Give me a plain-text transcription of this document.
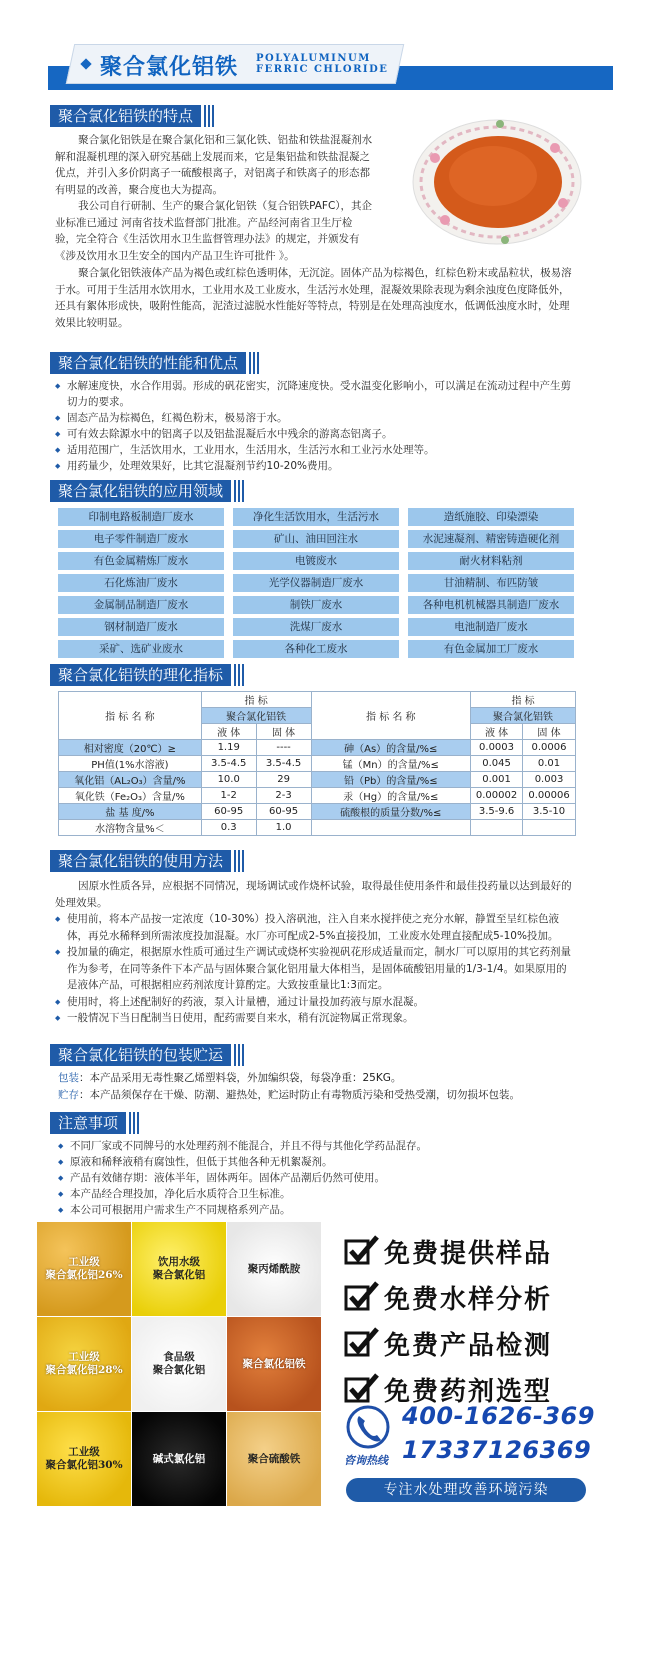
聚合氯化铝铁 POLYALUMINUM
FERRIC CHLORIDE
聚合氯化铝铁的特点

聚合氯化铝铁是在聚合氯化铝和三氯化铁、铝盐和铁盐混凝剂水解和混凝机理的深入研究基础上发展而来，它是集铝盐和铁盐混凝之优点，并引入多价阴离子一硫酸根离子，对铝离子和铁离子的形态都有明显的改善，聚合度也大为提高。

我公司自行研制、生产的聚合氯化铝铁（复合铝铁PAFC），其企业标准已通过 河南省技术监督部门批准。产品经河南省卫生厅检验，完全符合《生活饮用水卫生监督管理办法》的规定，并颁发有《涉及饮用水卫生安全的国内产品卫生许可批件 》。

聚合氯化铝铁液体产品为褐色或红棕色透明体，无沉淀。固体产品为棕褐色，红棕色粉末或晶粒状，极易溶于水。可用于生活用水饮用水，工业用水及工业废水，生活污水处理，混凝效果除表现为剩余浊度色度降低外，还具有絮体形成快，吸附性能高，泥渣过滤脱水性能好等特点，特别是在处理高浊度水，低调低浊度水时，处理效果比较明显。

聚合氯化铝铁的性能和优点
◆ 水解速度快，水合作用弱。形成的矾花密实，沉降速度快。受水温变化影响小，可以满足在流动过程中产生剪切力的要求。
◆ 固态产品为棕褐色，红褐色粉末，极易溶于水。
◆ 可有效去除源水中的铝离子以及铝盐混凝后水中残余的游离态铝离子。
◆ 适用范围广，生活饮用水，工业用水，生活用水，生活污水和工业污水处理等。
◆ 用药量少，处理效果好，比其它混凝剂节约10-20%费用。
聚合氯化铝铁的应用领域
印制电路板制造厂废水	净化生活饮用水，生活污水	造纸施胶、印染漂染
电子零件制造厂废水	矿山、油田回注水	水泥速凝剂、精密铸造硬化剂
有色金属精炼厂废水	电镀废水	耐火材料粘剂
石化炼油厂废水	光学仪器制造厂废水	甘油精制、布匹防皱
金属制品制造厂废水	制铁厂废水	各种电机机械器具制造厂废水
钢材制造厂废水	洗煤厂废水	电池制造厂废水
采矿、选矿业废水	各种化工废水	有色金属加工厂废水
聚合氯化铝铁的理化指标
指 标 名 称	指 标		指 标 名 称	指 标	
	聚合氯化铝铁			聚合氯化铝铁	
	液 体	固 体		液 体	固 体
相对密度（20℃）≥	1.19	----	砷（As）的含量/%≤	0.0003	0.0006
PH值(1%水溶液)	3.5-4.5	3.5-4.5	锰（Mn）的含量/%≤	0.045	0.01
氧化铝（AL₂O₃）含量/%	10.0	29	铅（Pb）的含量/%≤	0.001	0.003
氧化铁（Fe₂O₃）含量/%	1-2	2-3	汞（Hg）的含量/%≤	0.00002	0.00006
盐 基 度/%	60-95	60-95	硫酸根的质量分数/%≤	3.5-9.6	3.5-10
水溶物含量%＜	0.3	1.0			
聚合氯化铝铁的使用方法

因原水性质各异，应根据不同情况，现场调试或作烧杯试验，取得最佳使用条件和最佳投药量以达到最好的处理效果。

◆ 使用前，将本产品按一定浓度（10-30%）投入溶矾池，注入自来水搅拌使之充分水解，静置至呈红棕色液体，再兑水稀释到所需浓度投加混凝。水厂亦可配成2-5%直接投加，工业废水处理直接配成5-10%投加。
◆ 投加量的确定，根据原水性质可通过生产调试或烧杯实验视矾花形成适量而定，制水厂可以原用的其它药剂量作为参考，在同等条件下本产品与固体聚合氯化铝用量大体相当，是固体硫酸铝用量的1/3-1/4。如果原用的是液体产品，可根据相应药剂浓度计算酌定。大致按重量比1:3而定。
◆ 使用时，将上述配制好的药液，泵入计量槽，通过计量投加药液与原水混凝。
◆ 一般情况下当日配制当日使用，配药需要自来水，稍有沉淀物属正常现象。
聚合氯化铝铁的包装贮运
包装：本产品采用无毒性聚乙烯塑料袋，外加编织袋，每袋净重：25KG。
贮存：本产品须保存在干燥、防潮、避热处，贮运时防止有毒物质污染和受热受潮，切勿损坏包装。
注意事项
◆ 不同厂家或不同牌号的水处理药剂不能混合，并且不得与其他化学药品混存。
◆ 原液和稀释液稍有腐蚀性，但低于其他各种无机絮凝剂。
◆ 产品有效储存期：液体半年，固体两年。固体产品潮后仍然可使用。
◆ 本产品经合理投加，净化后水质符合卫生标准。
◆ 本公司可根据用户需求生产不同规格系列产品。
工业级
聚合氯化铝26%
饮用水级
聚合氯化铝
聚丙烯酰胺
工业级
聚合氯化铝28%
食品级
聚合氯化铝
聚合氯化铝铁
工业级
聚合氯化铝30%
碱式氯化铝	聚合硫酸铁
免费提供样品
免费水样分析
免费产品检测
免费药剂选型
咨询热线
400-1626-369
17337126369
专注水处理改善环境污染
